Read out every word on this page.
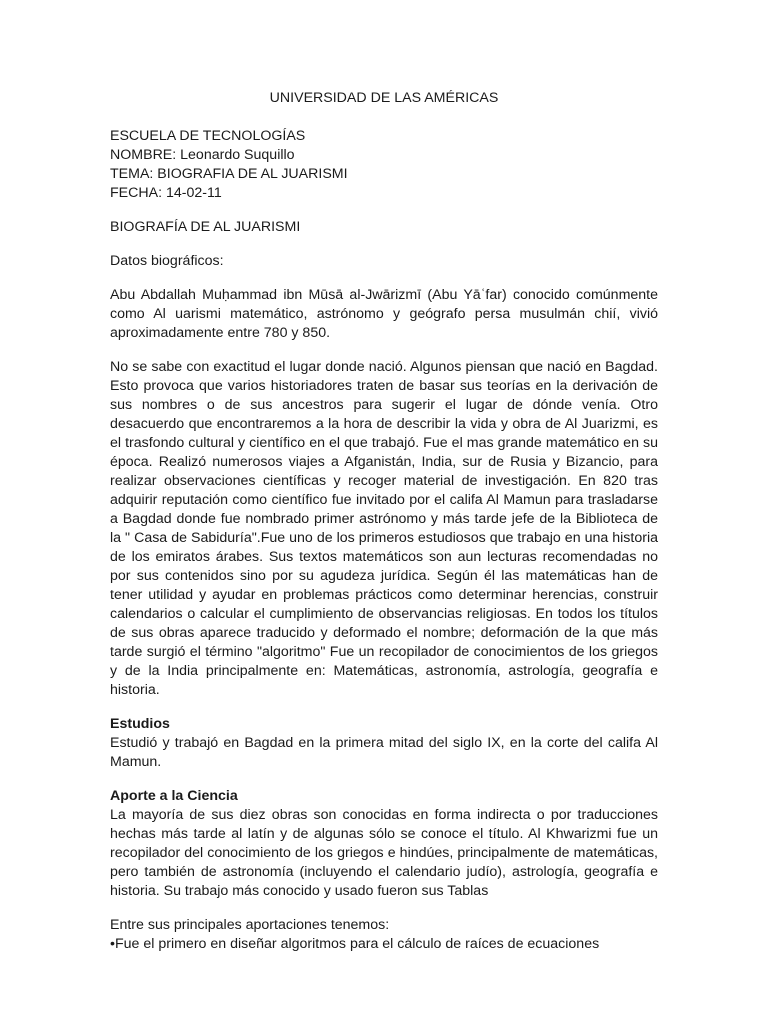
UNIVERSIDAD DE LAS AMÉRICAS

ESCUELA DE TECNOLOGÍAS

NOMBRE: Leonardo Suquillo

TEMA: BIOGRAFIA DE AL JUARISMI

FECHA: 14-02-11

BIOGRAFÍA DE AL JUARISMI

Datos biográficos:

Abu Abdallah Muḥammad ibn Mūsā al-Jwārizmī (Abu Yāʿfar) conocido comúnmente como Al uarismi matemático, astrónomo y geógrafo persa musulmán chií, vivió aproximadamente entre 780 y 850.

No se sabe con exactitud el lugar donde nació. Algunos piensan que nació en Bagdad. Esto provoca que varios historiadores traten de basar sus teorías en la derivación de sus nombres o de sus ancestros para sugerir el lugar de dónde venía. Otro desacuerdo que encontraremos a la hora de describir la vida y obra de Al Juarizmi, es el trasfondo cultural y científico en el que trabajó. Fue el mas grande matemático en su época. Realizó numerosos viajes a Afganistán, India, sur de Rusia y Bizancio, para realizar observaciones científicas y recoger material de investigación. En 820 tras adquirir reputación como científico fue invitado por el califa Al Mamun para trasladarse a Bagdad donde fue nombrado primer astrónomo y más tarde jefe de la Biblioteca de la " Casa de Sabiduría".Fue uno de los primeros estudiosos que trabajo en una historia de los emiratos árabes. Sus textos matemáticos son aun lecturas recomendadas no por sus contenidos sino por su agudeza jurídica. Según él las matemáticas han de tener utilidad y ayudar en problemas prácticos como determinar herencias, construir calendarios o calcular el cumplimiento de observancias religiosas. En todos los títulos de sus obras aparece traducido y deformado el nombre; deformación de la que más tarde surgió el término "algoritmo" Fue un recopilador de conocimientos de los griegos y de la India principalmente en: Matemáticas, astronomía, astrología, geografía e historia.

Estudios

Estudió y trabajó en Bagdad en la primera mitad del siglo IX, en la corte del califa Al Mamun.

Aporte a la Ciencia

La mayoría de sus diez obras son conocidas en forma indirecta o por traducciones hechas más tarde al latín y de algunas sólo se conoce el título. Al Khwarizmi fue un recopilador del conocimiento de los griegos e hindúes, principalmente de matemáticas, pero también de astronomía (incluyendo el calendario judío), astrología, geografía e historia. Su trabajo más conocido y usado fueron sus Tablas

Entre sus principales aportaciones tenemos:

•Fue el primero en diseñar algoritmos para el cálculo de raíces de ecuaciones
